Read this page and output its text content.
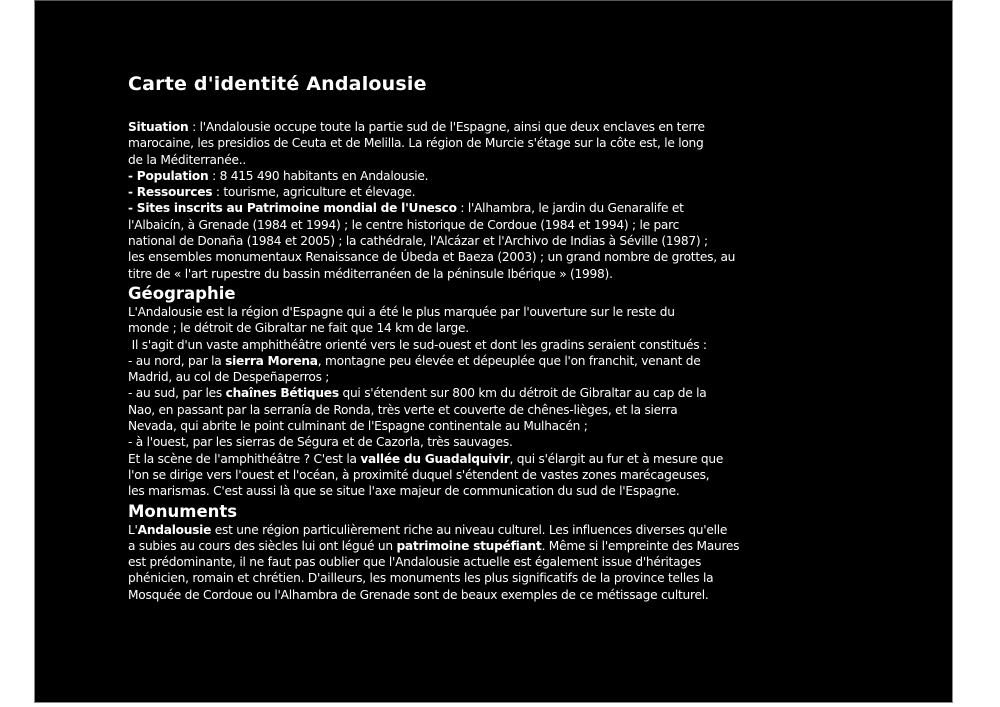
Carte d'identité Andalousie

Situation : l'Andalousie occupe toute la partie sud de l'Espagne, ainsi que deux enclaves en terre
marocaine, les presidios de Ceuta et de Melilla. La région de Murcie s'étage sur la côte est, le long
de la Méditerranée..
- Population : 8 415 490 habitants en Andalousie.
- Ressources : tourisme, agriculture et élevage.
- Sites inscrits au Patrimoine mondial de l'Unesco : l'Alhambra, le jardin du Genaralife et
l'Albaicín, à Grenade (1984 et 1994) ; le centre historique de Cordoue (1984 et 1994) ; le parc
national de Donaña (1984 et 2005) ; la cathédrale, l'Alcázar et l'Archivo de Indias à Séville (1987) ;
les ensembles monumentaux Renaissance de Úbeda et Baeza (2003) ; un grand nombre de grottes, au
titre de « l'art rupestre du bassin méditerranéen de la péninsule Ibérique » (1998).

Géographie

L'Andalousie est la région d'Espagne qui a été le plus marquée par l'ouverture sur le reste du
monde ; le détroit de Gibraltar ne fait que 14 km de large.
Il s'agit d'un vaste amphithéâtre orienté vers le sud-ouest et dont les gradins seraient constitués :
- au nord, par la sierra Morena, montagne peu élevée et dépeuplée que l'on franchit, venant de
Madrid, au col de Despeñaperros ;
- au sud, par les chaînes Bétiques qui s'étendent sur 800 km du détroit de Gibraltar au cap de la
Nao, en passant par la serranía de Ronda, très verte et couverte de chênes-lièges, et la sierra
Nevada, qui abrite le point culminant de l'Espagne continentale au Mulhacén ;
- à l'ouest, par les sierras de Ségura et de Cazorla, très sauvages.
Et la scène de l'amphithéâtre ? C'est la vallée du Guadalquivir, qui s'élargit au fur et à mesure que
l'on se dirige vers l'ouest et l'océan, à proximité duquel s'étendent de vastes zones marécageuses,
les marismas. C'est aussi là que se situe l'axe majeur de communication du sud de l'Espagne.

Monuments

L'Andalousie est une région particulièrement riche au niveau culturel. Les influences diverses qu'elle
a subies au cours des siècles lui ont légué un patrimoine stupéfiant. Même si l'empreinte des Maures
est prédominante, il ne faut pas oublier que l'Andalousie actuelle est également issue d'héritages
phénicien, romain et chrétien. D'ailleurs, les monuments les plus significatifs de la province telles la
Mosquée de Cordoue ou l'Alhambra de Grenade sont de beaux exemples de ce métissage culturel.
